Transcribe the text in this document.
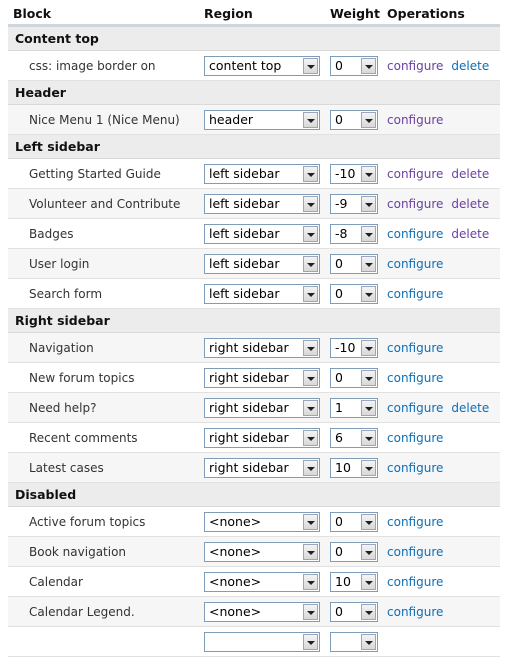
Block	Region	Weight Operations
Content top
css: image border on	content top	0	configure delete
Header
Nice Menu 1 (Nice Menu)	header	0	configure
Left sidebar
Getting Started Guide	left sidebar	-10	configure delete
Volunteer and Contribute	left sidebar	-9	configure delete
Badges	left sidebar	-8	configure delete
User login	left sidebar	0	configure
Search form	left sidebar	0	configure
Right sidebar
Navigation	right sidebar	-10	configure
New forum topics	right sidebar	0	configure
Need help?	right sidebar	1	configure delete
Recent comments	right sidebar	6	configure
Latest cases	right sidebar	10	configure
Disabled
Active forum topics	<none>	0	configure
Book navigation	<none>	0	configure
Calendar	<none>	10	configure
Calendar Legend.	<none>	0	configure
